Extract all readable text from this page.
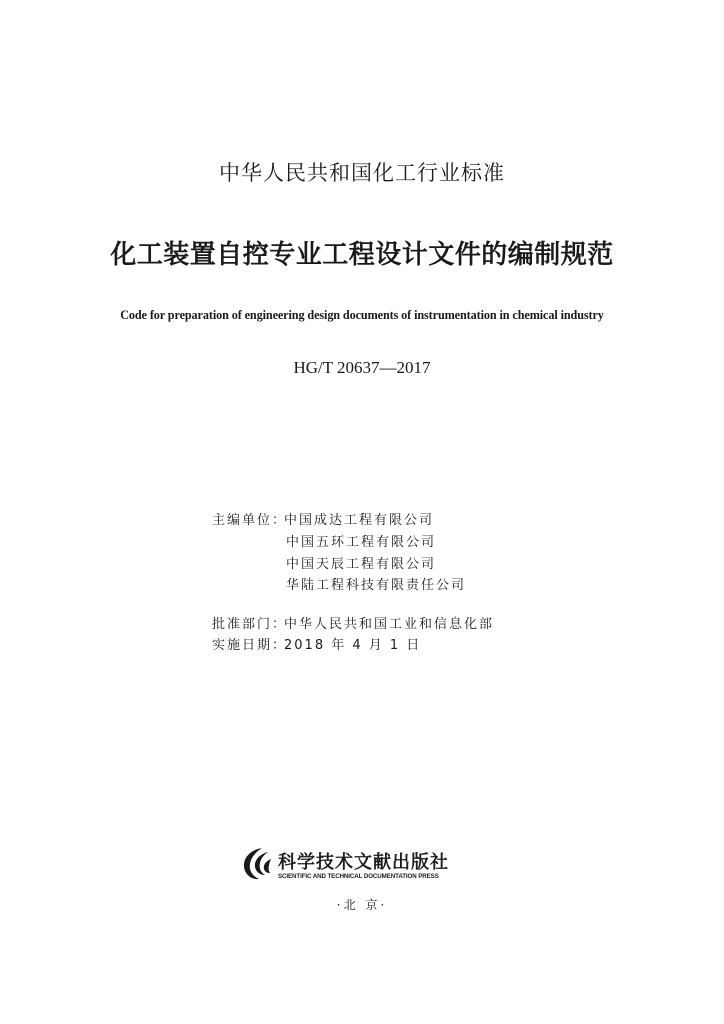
中华人民共和国化工行业标准
化工装置自控专业工程设计文件的编制规范
Code for preparation of engineering design documents of instrumentation in chemical industry
HG/T 20637—2017
主编单位：中国成达工程有限公司
中国五环工程有限公司
中国天辰工程有限公司
华陆工程科技有限责任公司
批准部门：中华人民共和国工业和信息化部
实施日期：2018 年 4 月 1 日
科学技术文献出版社
SCIENTIFIC AND TECHNICAL DOCUMENTATION PRESS
·北 京·
